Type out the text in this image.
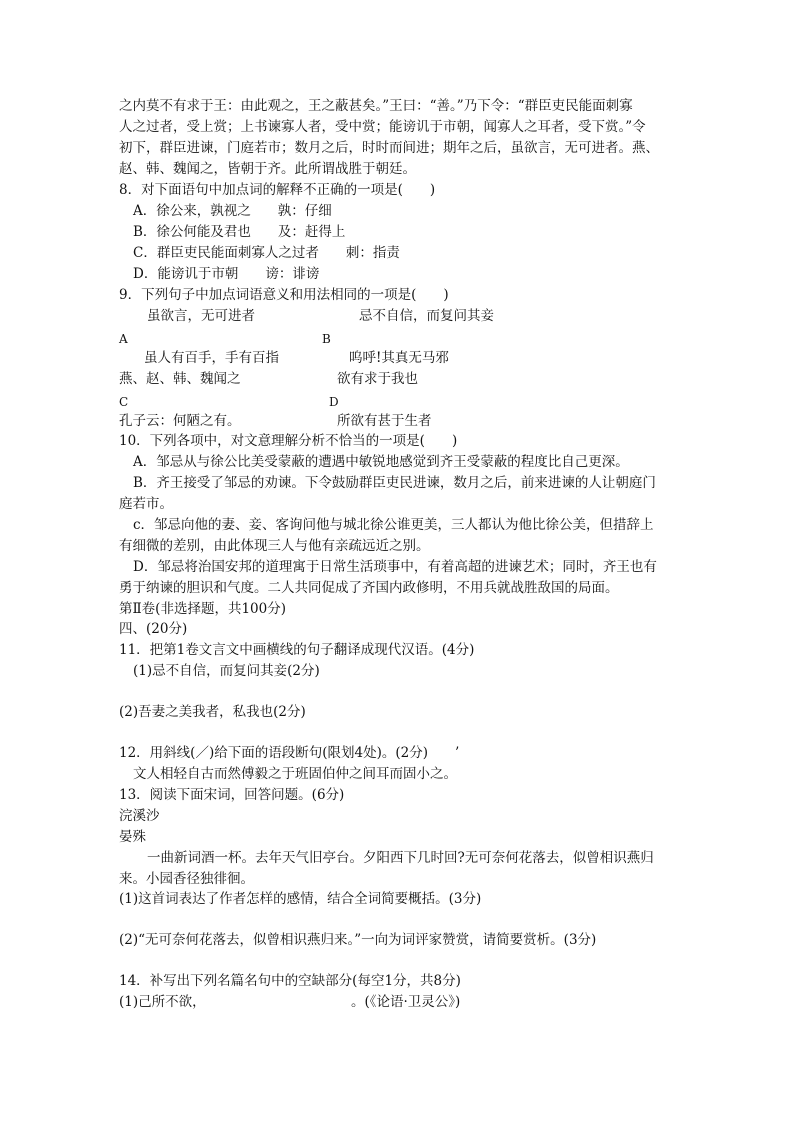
之内莫不有求于王：由此观之，王之蔽甚矣。”王曰：“善。”乃下令：“群臣吏民能面刺寡
人之过者，受上赏；上书谏寡人者，受中赏；能谤讥于市朝，闻寡人之耳者，受下赏。”令
初下，群臣进谏，门庭若市；数月之后，时时而间进；期年之后，虽欲言，无可进者。燕、
赵、韩、魏闻之，皆朝于齐。此所谓战胜于朝廷。
8．对下面语句中加点词的解释不正确的一项是(　　)
A．徐公来，孰视之　　孰：仔细
B．徐公何能及君也　　及：赶得上
C．群臣吏民能面刺寡人之过者　　刺：指责
D．能谤讥于市朝　　谤：诽谤
9．下列句子中加点词语意义和用法相同的一项是(　　)
虽欲言，无可进者	忌不自信，而复问其妾
A	B
虽人有百手，手有百指	呜呼!其真无马邪
燕、赵、韩、魏闻之	欲有求于我也
C	D
孔子云：何陋之有。	所欲有甚于生者
10．下列各项中，对文意理解分析不恰当的一项是(　　)
A．邹忌从与徐公比美受蒙蔽的遭遇中敏锐地感觉到齐王受蒙蔽的程度比自己更深。
B．齐王接受了邹忌的劝谏。下令鼓励群臣吏民进谏，数月之后，前来进谏的人让朝庭门
庭若市。
c．邹忌向他的妻、妾、客询问他与城北徐公谁更美，三人都认为他比徐公美，但措辞上
有细微的差别，由此体现三人与他有亲疏远近之别。
D．邹忌将治国安邦的道理寓于日常生活琐事中，有着高超的进谏艺术；同时，齐王也有
勇于纳谏的胆识和气度。二人共同促成了齐国内政修明，不用兵就战胜敌国的局面。
第Ⅱ卷(非选择题，共100分)
四、(20分)
11．把第1卷文言文中画横线的句子翻译成现代汉语。(4分)
(1)忌不自信，而复问其妾(2分)
(2)吾妻之美我者，私我也(2分)
12．用斜线(／)给下面的语段断句(限划4处)。(2分)　　’
文人相轻自古而然傅毅之于班固伯仲之间耳而固小之。
13．阅读下面宋词，回答问题。(6分)
浣溪沙
晏殊
一曲新词酒一杯。去年天气旧亭台。夕阳西下几时回?无可奈何花落去，似曾相识燕归
来。小园香径独徘徊。
(1)这首词表达了作者怎样的感情，结合全词简要概括。(3分)
(2)“无可奈何花落去，似曾相识燕归来。”一向为词评家赞赏，请简要赏析。(3分)
14．补写出下列名篇名句中的空缺部分(每空1分，共8分)
(1)己所不欲，	。(《论语·卫灵公》)
